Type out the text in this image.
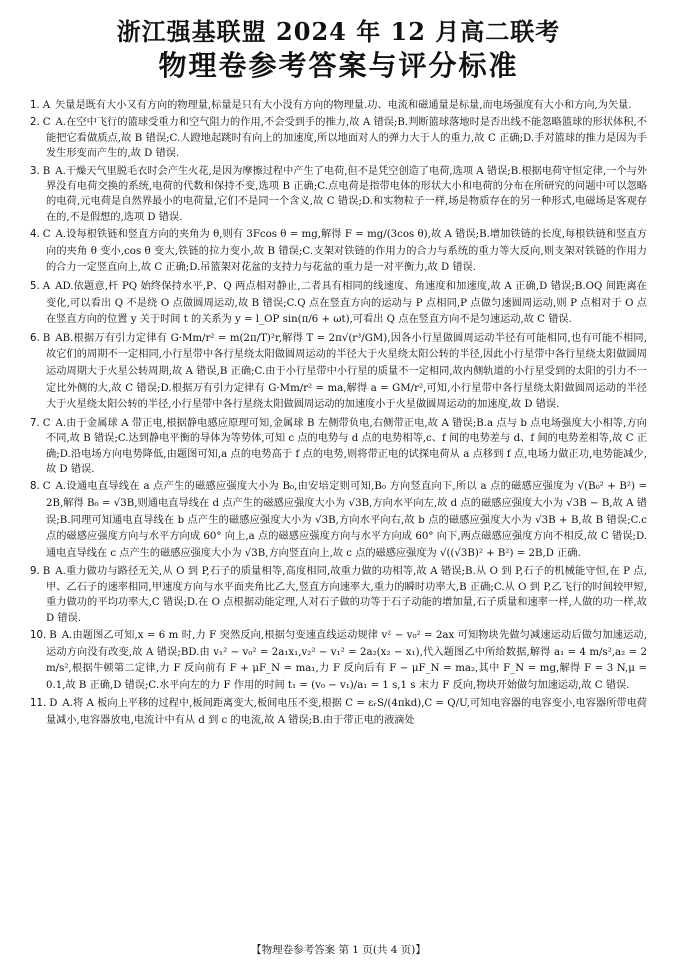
浙江强基联盟 2024 年 12 月高二联考
物理卷参考答案与评分标准
1. A 矢量是既有大小又有方向的物理量,标量是只有大小没有方向的物理量.功、电流和磁通量是标量,而电场强度有大小和方向,为矢量.
2. C A.在空中飞行的篮球受重力和空气阻力的作用,不会受到手的推力,故 A 错误;B.判断篮球落地时是否出线不能忽略篮球的形状体积,不能把它看做质点,故 B 错误;C.人蹬地起跳时有向上的加速度,所以地面对人的弹力大于人的重力,故 C 正确;D.手对篮球的推力是因为手发生形变而产生的,故 D 错误.
3. B A.干燥天气里脱毛衣时会产生火花,是因为摩擦过程中产生了电荷,但不是凭空创造了电荷,选项 A 错误;B.根据电荷守恒定律,一个与外界没有电荷交换的系统,电荷的代数和保持不变,选项 B 正确;C.点电荷是指带电体的形状大小和电荷的分布在所研究的问题中可以忽略的电荷,元电荷是自然界最小的电荷量,它们不是同一个含义,故 C 错误;D.和实物粒子一样,场是物质存在的另一种形式,电磁场是客观存在的,不是假想的,选项 D 错误.
4. C A.设每根铁链和竖直方向的夹角为 θ,则有 3Fcos θ = mg,解得 F = mg/(3cos θ),故 A 错误;B.增加铁链的长度,每根铁链和竖直方向的夹角 θ 变小,cos θ 变大,铁链的拉力变小,故 B 错误;C.支架对铁链的作用力的合力与系统的重力等大反向,则支架对铁链的作用力的合力一定竖直向上,故 C 正确;D.吊篮架对花盆的支持力与花盆的重力是一对平衡力,故 D 错误.
5. A AD.依题意,杆 PQ 始终保持水平,P、Q 两点相对静止,二者具有相同的线速度、角速度和加速度,故 A 正确,D 错误;B.OQ 间距离在变化,可以看出 Q 不是绕 O 点做圆周运动,故 B 错误;C.Q 点在竖直方向的运动与 P 点相同,P 点做匀速圆周运动,则 P 点相对于 O 点在竖直方向的位置 y 关于时间 t 的关系为 y = l_OP sin(π/6 + ωt),可看出 Q 点在竖直方向不是匀速运动,故 C 错误.
6. B AB.根据万有引力定律有 G·Mm/r² = m(2π/T)²r,解得 T = 2π√(r³/GM),因各小行星做圆周运动半径有可能相同,也有可能不相同,故它们的周期不一定相同,小行星带中各行星绕太阳做圆周运动的半径大于火星绕太阳公转的半径,因此小行星带中各行星绕太阳做圆周运动周期大于火星公转周期,故 A 错误,B 正确;C.由于小行星带中小行星的质量不一定相同,故内侧轨道的小行星受到的太阳的引力不一定比外侧的大,故 C 错误;D.根据万有引力定律有 G·Mm/r² = ma,解得 a = GM/r²,可知,小行星带中各行星绕太阳做圆周运动的半径大于火星绕太阳公转的半径,小行星带中各行星绕太阳做圆周运动的加速度小于火星做圆周运动的加速度,故 D 错误.
7. C A.由于金属球 A 带正电,根据静电感应原理可知,金属球 B 左侧带负电,右侧带正电,故 A 错误;B.a 点与 b 点电场强度大小相等,方向不同,故 B 错误;C.达到静电平衡的导体为等势体,可知 c 点的电势与 d 点的电势相等,c、f 间的电势差与 d、f 间的电势差相等,故 C 正确;D.沿电场方向电势降低,由题图可知,a 点的电势高于 f 点的电势,则将带正电的试探电荷从 a 点移到 f 点,电场力做正功,电势能减少,故 D 错误.
8. C A.设通电直导线在 a 点产生的磁感应强度大小为 B₀,由安培定则可知,B₀ 方向竖直向下,所以 a 点的磁感应强度为 √(B₀² + B²) = 2B,解得 B₀ = √3B,则通电直导线在 d 点产生的磁感应强度大小为 √3B,方向水平向左,故 d 点的磁感应强度大小为 √3B − B,故 A 错误;B.同理可知通电直导线在 b 点产生的磁感应强度大小为 √3B,方向水平向右,故 b 点的磁感应强度大小为 √3B + B,故 B 错误;C.c 点的磁感应强度方向与水平方向成 60° 向上,a 点的磁感应强度方向与水平方向成 60° 向下,两点磁感应强度方向不相反,故 C 错误;D.通电直导线在 c 点产生的磁感应强度大小为 √3B,方向竖直向上,故 c 点的磁感应强度为 √((√3B)² + B²) = 2B,D 正确.
9. B A.重力做功与路径无关,从 O 到 P,石子的质量相等,高度相同,故重力做的功相等,故 A 错误;B.从 O 到 P,石子的机械能守恒,在 P 点,甲、乙石子的速率相同,甲速度方向与水平面夹角比乙大,竖直方向速率大,重力的瞬时功率大,B 正确;C.从 O 到 P,乙飞行的时间较甲短,重力做功的平均功率大,C 错误;D.在 O 点根据动能定理,人对石子做的功等于石子动能的增加量,石子质量和速率一样,人做的功一样,故 D 错误.
10. B A.由题图乙可知,x = 6 m 时,力 F 突然反向,根据匀变速直线运动规律 v² − v₀² = 2ax 可知物块先做匀减速运动后做匀加速运动,运动方向没有改变,故 A 错误;BD.由 v₁² − v₀² = 2a₁x₁,v₂² − v₁² = 2a₂(x₂ − x₁),代入题图乙中所给数据,解得 a₁ = 4 m/s²,a₂ = 2 m/s²,根据牛顿第二定律,力 F 反向前有 F + μF_N = ma₁,力 F 反向后有 F − μF_N = ma₂,其中 F_N = mg,解得 F = 3 N,μ = 0.1,故 B 正确,D 错误;C.水平向左的力 F 作用的时间 t₁ = (v₀ − v₁)/a₁ = 1 s,1 s 末力 F 反向,物块开始做匀加速运动,故 C 错误.
11. D A.将 A 板向上平移的过程中,板间距离变大,板间电压不变,根据 C = εᵣS/(4πkd),C = Q/U,可知电容器的电容变小,电容器所带电荷量减小,电容器放电,电流计中有从 d 到 c 的电流,故 A 错误;B.由于带正电的液滴处
【物理卷参考答案 第 1 页(共 4 页)】
